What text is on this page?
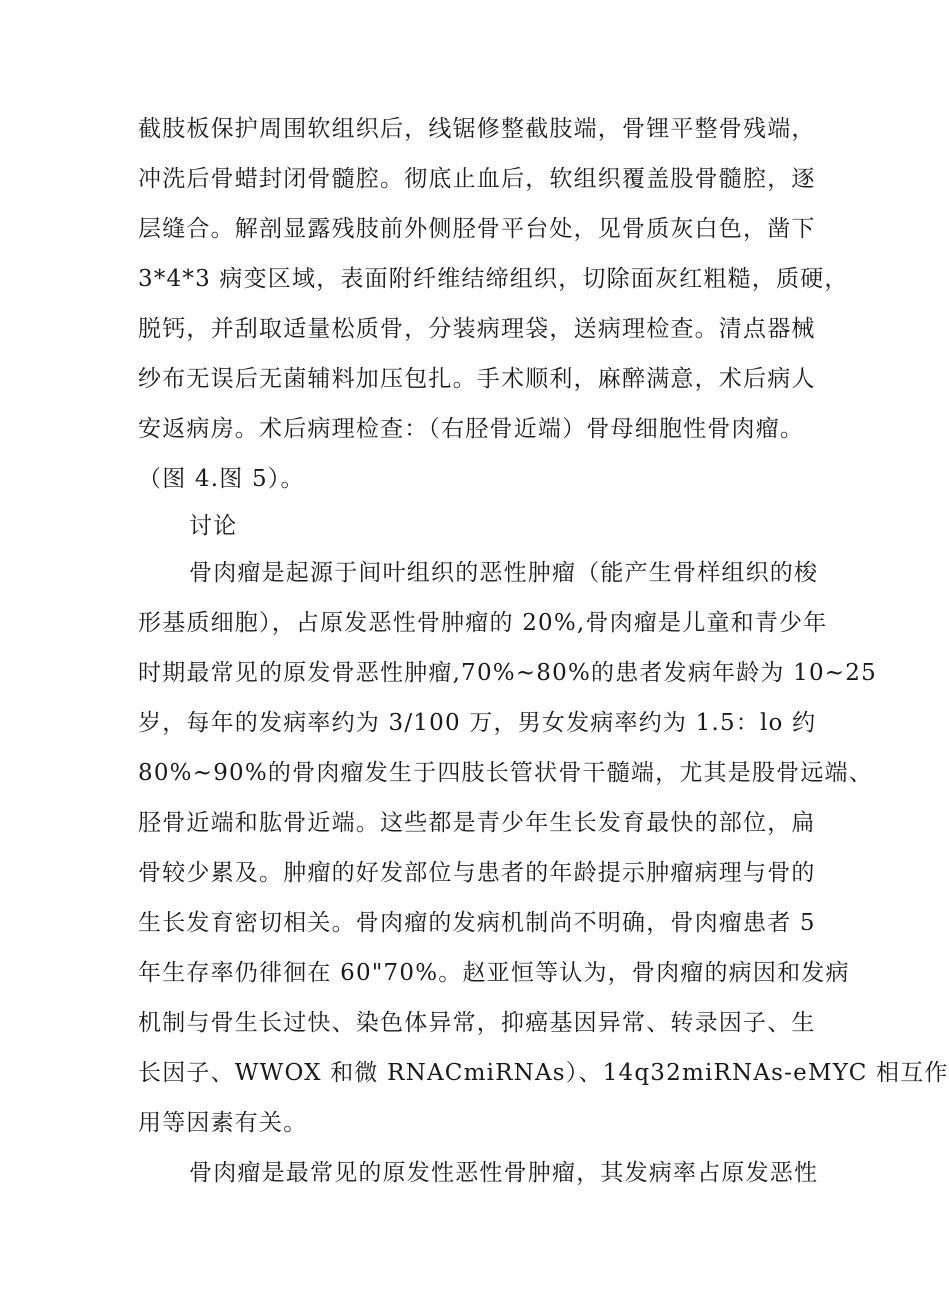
截肢板保护周围软组织后，线锯修整截肢端，骨锂平整骨残端，
冲洗后骨蜡封闭骨髓腔。彻底止血后，软组织覆盖股骨髓腔，逐
层缝合。解剖显露残肢前外侧胫骨平台处，见骨质灰白色，凿下
3*4*3 病变区域，表面附纤维结缔组织，切除面灰红粗糙，质硬，
脱钙，并刮取适量松质骨，分装病理袋，送病理检查。清点器械
纱布无误后无菌辅料加压包扎。手术顺利，麻醉满意，术后病人
安返病房。术后病理检查：（右胫骨近端）骨母细胞性骨肉瘤。
（图 4.图 5）。
讨论
骨肉瘤是起源于间叶组织的恶性肿瘤（能产生骨样组织的梭
形基质细胞），占原发恶性骨肿瘤的 20%,骨肉瘤是儿童和青少年
时期最常见的原发骨恶性肿瘤,70%~80%的患者发病年龄为 10~25
岁，每年的发病率约为 3/100 万，男女发病率约为 1.5：lo 约
80%~90%的骨肉瘤发生于四肢长管状骨干髓端，尤其是股骨远端、
胫骨近端和肱骨近端。这些都是青少年生长发育最快的部位，扁
骨较少累及。肿瘤的好发部位与患者的年龄提示肿瘤病理与骨的
生长发育密切相关。骨肉瘤的发病机制尚不明确，骨肉瘤患者 5
年生存率仍徘徊在 60"70%。赵亚恒等认为，骨肉瘤的病因和发病
机制与骨生长过快、染色体异常，抑癌基因异常、转录因子、生
长因子、WWOX 和微 RNACmiRNAs）、14q32miRNAs-eMYC 相互作
用等因素有关。
骨肉瘤是最常见的原发性恶性骨肿瘤，其发病率占原发恶性
